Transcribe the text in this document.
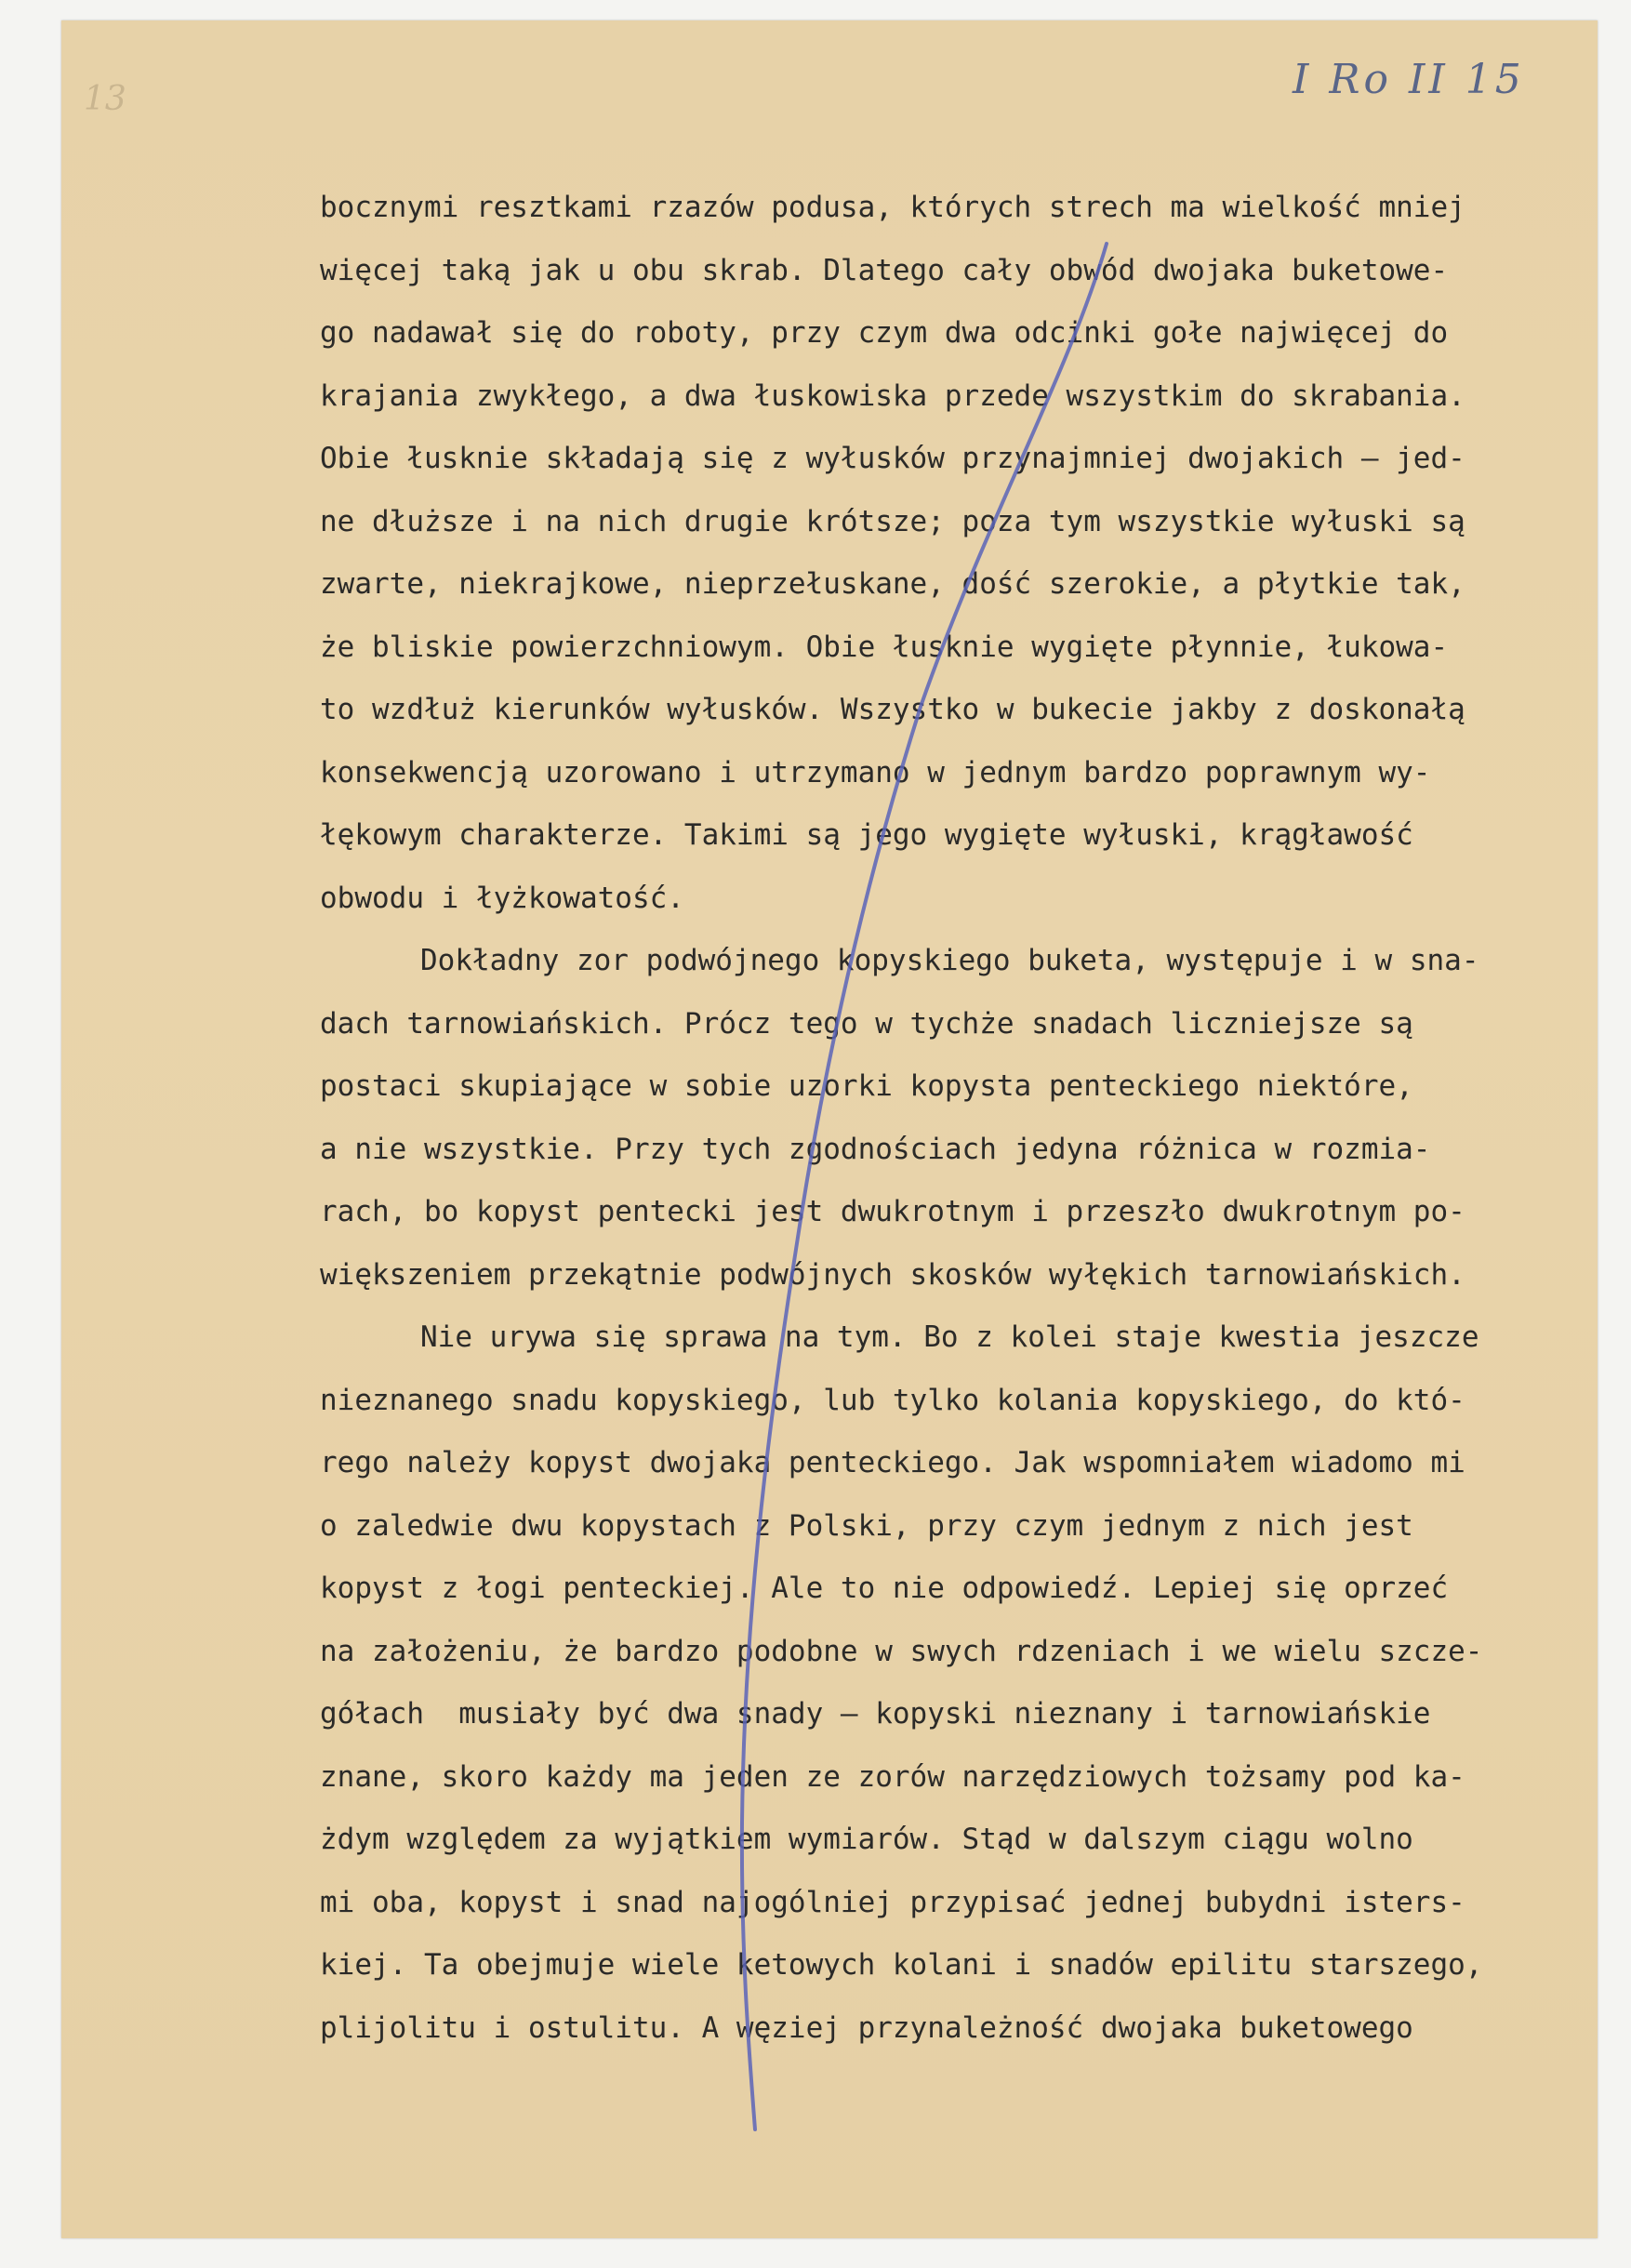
13	I Ro II 15
bocznymi resztkami rzazów podusa, których strech ma wielkość mniej
więcej taką jak u obu skrab. Dlatego cały obwód dwojaka buketowe-
go nadawał się do roboty, przy czym dwa odcinki gołe najwięcej do
krajania zwykłego, a dwa łuskowiska przede wszystkim do skrabania.
Obie łusknie składają się z wyłusków przynajmniej dwojakich — jed-
ne dłuższe i na nich drugie krótsze; poza tym wszystkie wyłuski są
zwarte, niekrajkowe, nieprzełuskane, dość szerokie, a płytkie tak,
że bliskie powierzchniowym. Obie łusknie wygięte płynnie, łukowa-
to wzdłuż kierunków wyłusków. Wszystko w bukecie jakby z doskonałą
konsekwencją uzorowano i utrzymano w jednym bardzo poprawnym wy-
łękowym charakterze. Takimi są jego wygięte wyłuski, krągławość
obwodu i łyżkowatość.
Dokładny zor podwójnego kopyskiego buketa, występuje i w sna-
dach tarnowiańskich. Prócz tego w tychże snadach liczniejsze są
postaci skupiające w sobie uzorki kopysta penteckiego niektóre,
a nie wszystkie. Przy tych zgodnościach jedyna różnica w rozmia-
rach, bo kopyst pentecki jest dwukrotnym i przeszło dwukrotnym po-
większeniem przekątnie podwójnych skosków wyłękich tarnowiańskich.
Nie urywa się sprawa na tym. Bo z kolei staje kwestia jeszcze
nieznanego snadu kopyskiego, lub tylko kolania kopyskiego, do któ-
rego należy kopyst dwojaka penteckiego. Jak wspomniałem wiadomo mi
o zaledwie dwu kopystach z Polski, przy czym jednym z nich jest
kopyst z łogi penteckiej. Ale to nie odpowiedź. Lepiej się oprzeć
na założeniu, że bardzo podobne w swych rdzeniach i we wielu szcze-
gółach  musiały być dwa snady — kopyski nieznany i tarnowiańskie
znane, skoro każdy ma jeden ze zorów narzędziowych tożsamy pod ka-
żdym względem za wyjątkiem wymiarów. Stąd w dalszym ciągu wolno
mi oba, kopyst i snad najogólniej przypisać jednej bubydni isters-
kiej. Ta obejmuje wiele ketowych kolani i snadów epilitu starszego,
plijolitu i ostulitu. A węziej przynależność dwojaka buketowego
